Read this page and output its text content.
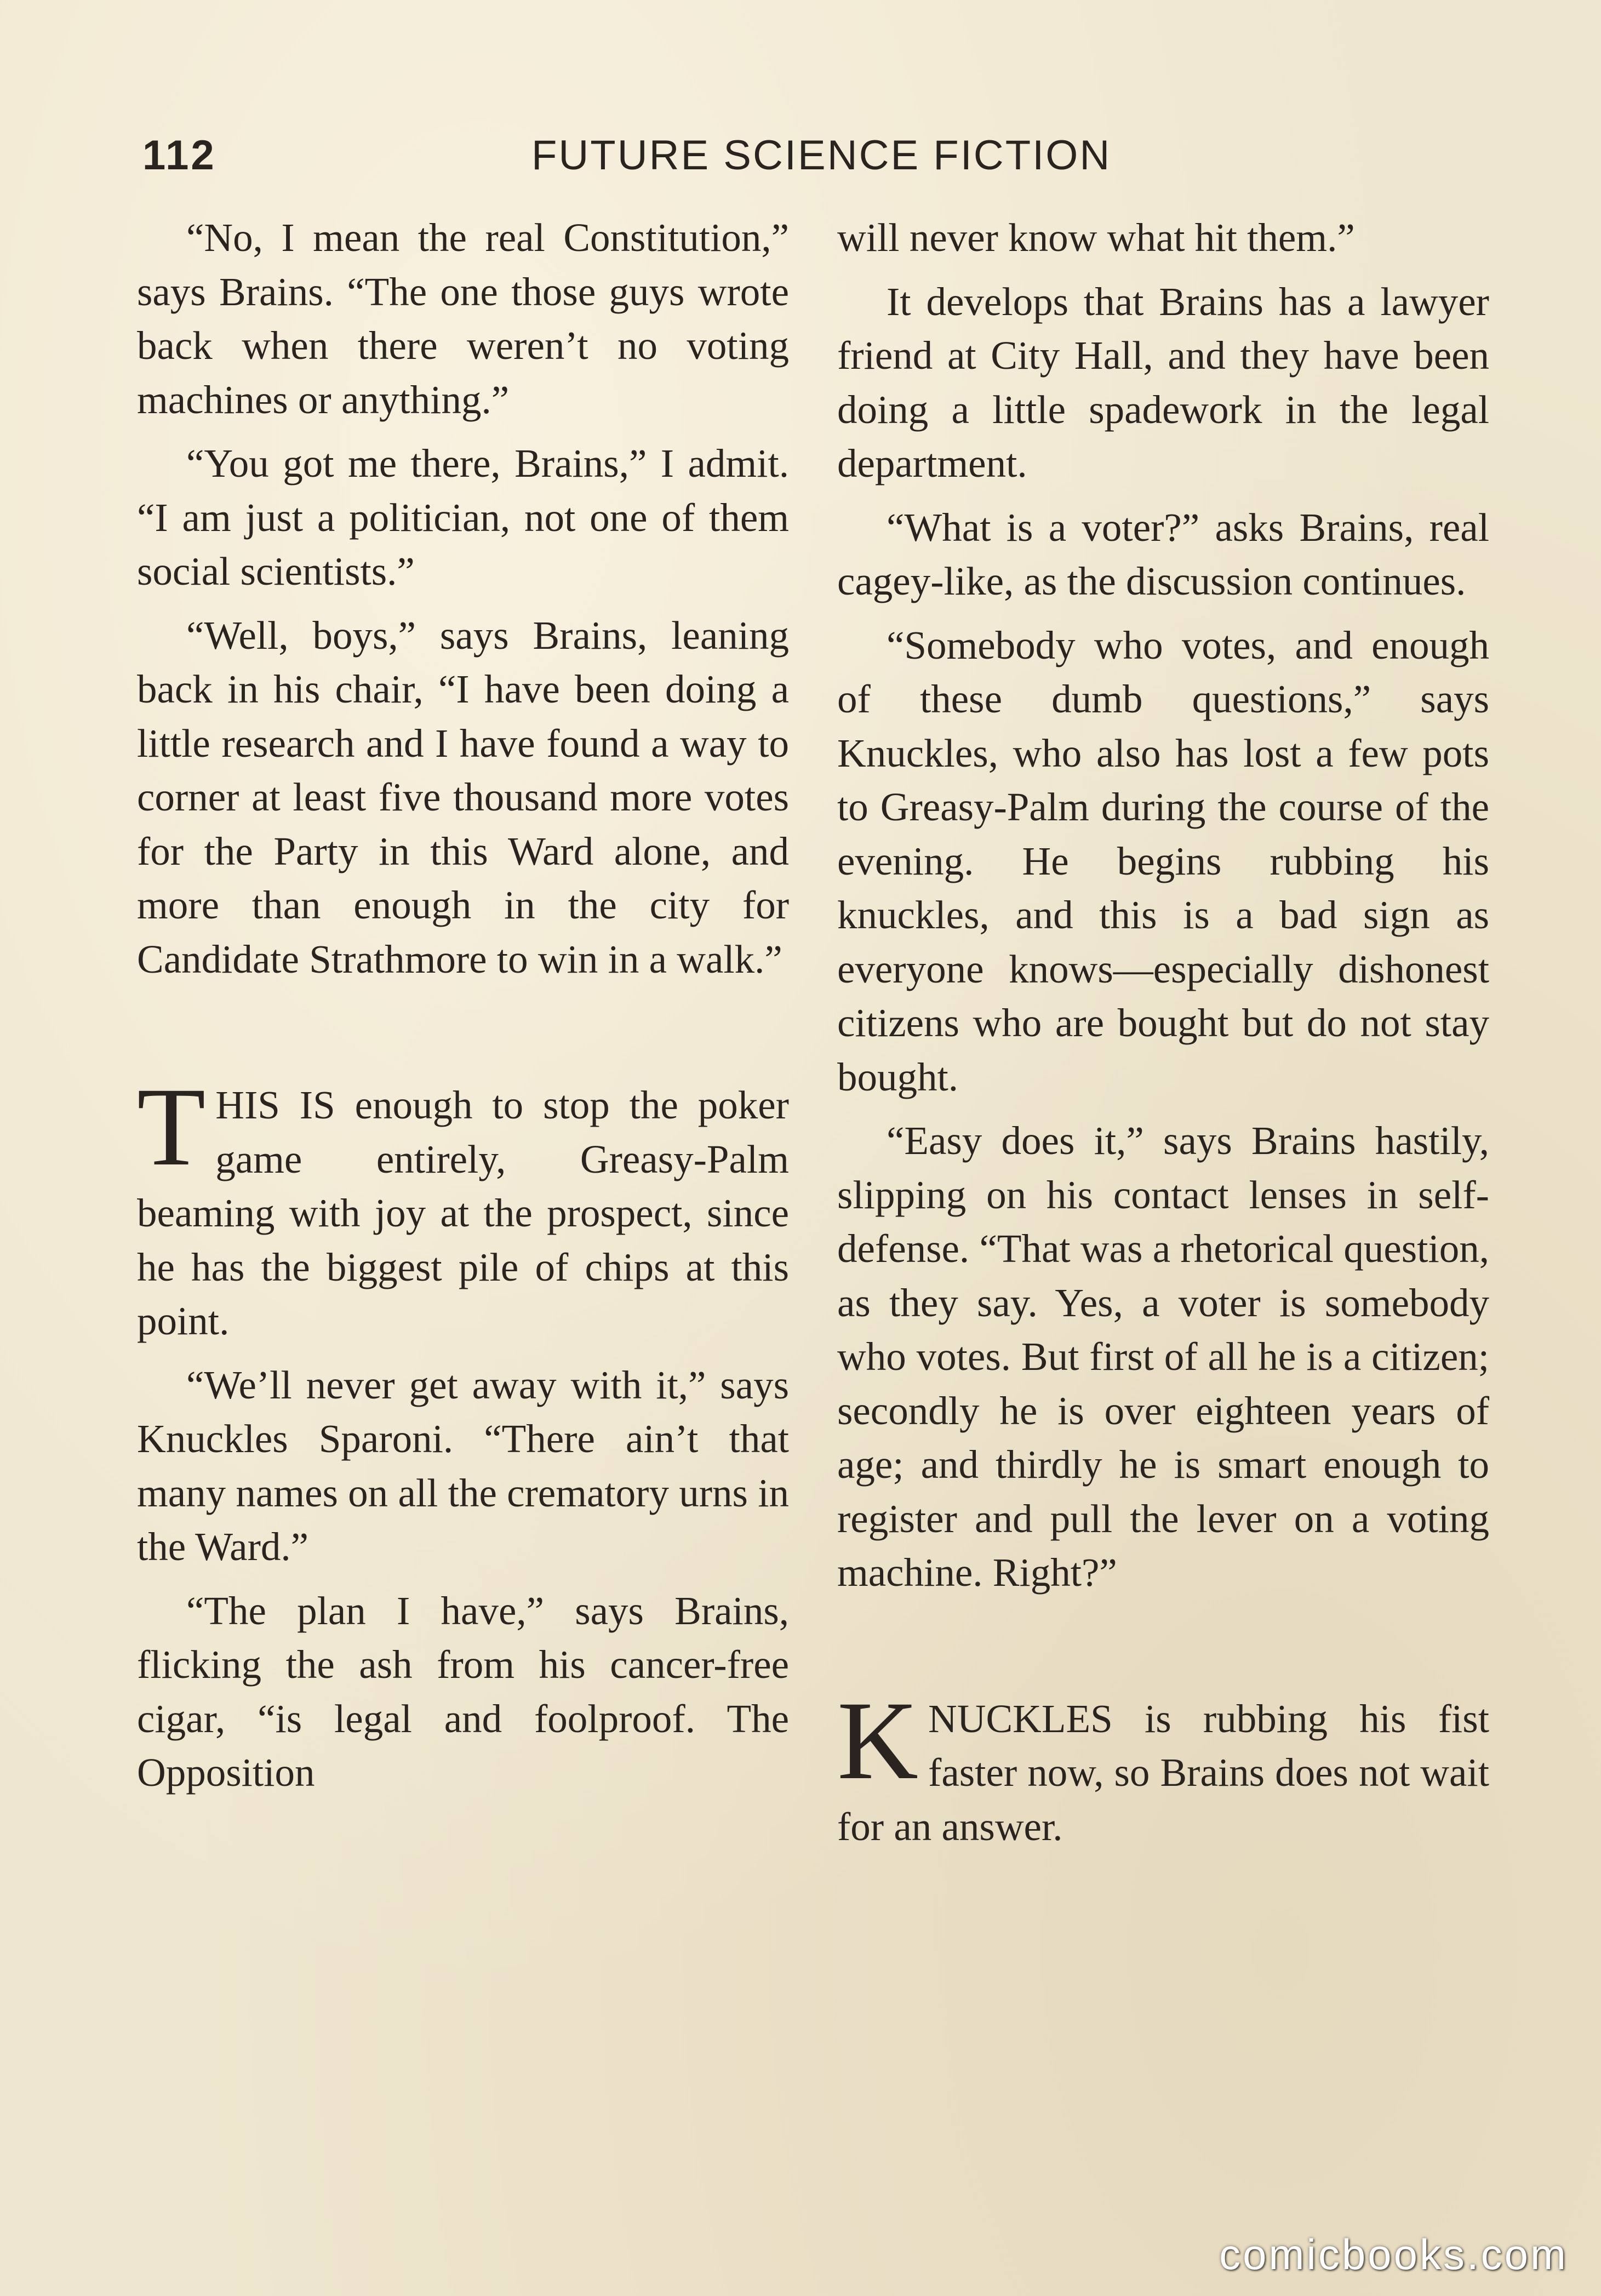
112	FUTURE SCIENCE FICTION

“No, I mean the real Constitution,” says Brains. “The one those guys wrote back when there weren’t no voting machines or anything.”

“You got me there, Brains,” I admit. “I am just a politician, not one of them social scientists.”

“Well, boys,” says Brains, leaning back in his chair, “I have been doing a little research and I have found a way to corner at least five thousand more votes for the Party in this Ward alone, and more than enough in the city for Candidate Strathmore to win in a walk.”

THIS IS enough to stop the poker game entirely, Greasy-Palm beaming with joy at the prospect, since he has the biggest pile of chips at this point.

“We’ll never get away with it,” says Knuckles Sparoni. “There ain’t that many names on all the crematory urns in the Ward.”

“The plan I have,” says Brains, flicking the ash from his cancer-free cigar, “is legal and foolproof. The Opposition

will never know what hit them.”

It develops that Brains has a lawyer friend at City Hall, and they have been doing a little spadework in the legal department.

“What is a voter?” asks Brains, real cagey-like, as the discussion continues.

“Somebody who votes, and enough of these dumb questions,” says Knuckles, who also has lost a few pots to Greasy-Palm during the course of the evening. He begins rubbing his knuckles, and this is a bad sign as everyone knows—especially dishonest citizens who are bought but do not stay bought.

“Easy does it,” says Brains hastily, slipping on his contact lenses in self-defense. “That was a rhetorical question, as they say. Yes, a voter is somebody who votes. But first of all he is a citizen; secondly he is over eighteen years of age; and thirdly he is smart enough to register and pull the lever on a voting machine. Right?”

KNUCKLES is rubbing his fist faster now, so Brains does not wait for an answer.

comicbooks.com
